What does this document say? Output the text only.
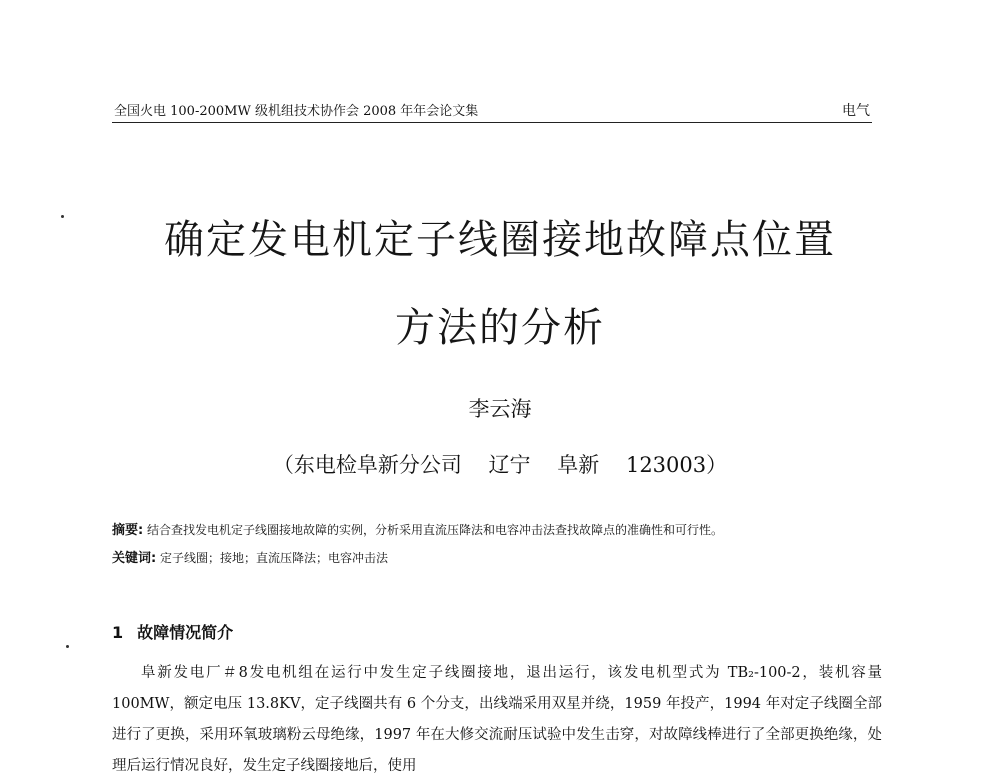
全国火电 100-200MW 级机组技术协作会 2008 年年会论文集	电气
确定发电机定子线圈接地故障点位置
方法的分析
李云海
（东电检阜新分公司    辽宁    阜新    123003）
摘要: 结合查找发电机定子线圈接地故障的实例，分析采用直流压降法和电容冲击法查找故障点的准确性和可行性。
关键词: 定子线圈；接地；直流压降法；电容冲击法
1 故障情况简介
阜新发电厂＃8发电机组在运行中发生定子线圈接地，退出运行，该发电机型式为 TB₂-100-2，装机容量 100MW，额定电压 13.8KV，定子线圈共有 6 个分支，出线端采用双星并绕，1959 年投产，1994 年对定子线圈全部进行了更换，采用环氧玻璃粉云母绝缘，1997 年在大修交流耐压试验中发生击穿，对故障线棒进行了全部更换绝缘，处理后运行情况良好，发生定子线圈接地后，使用
